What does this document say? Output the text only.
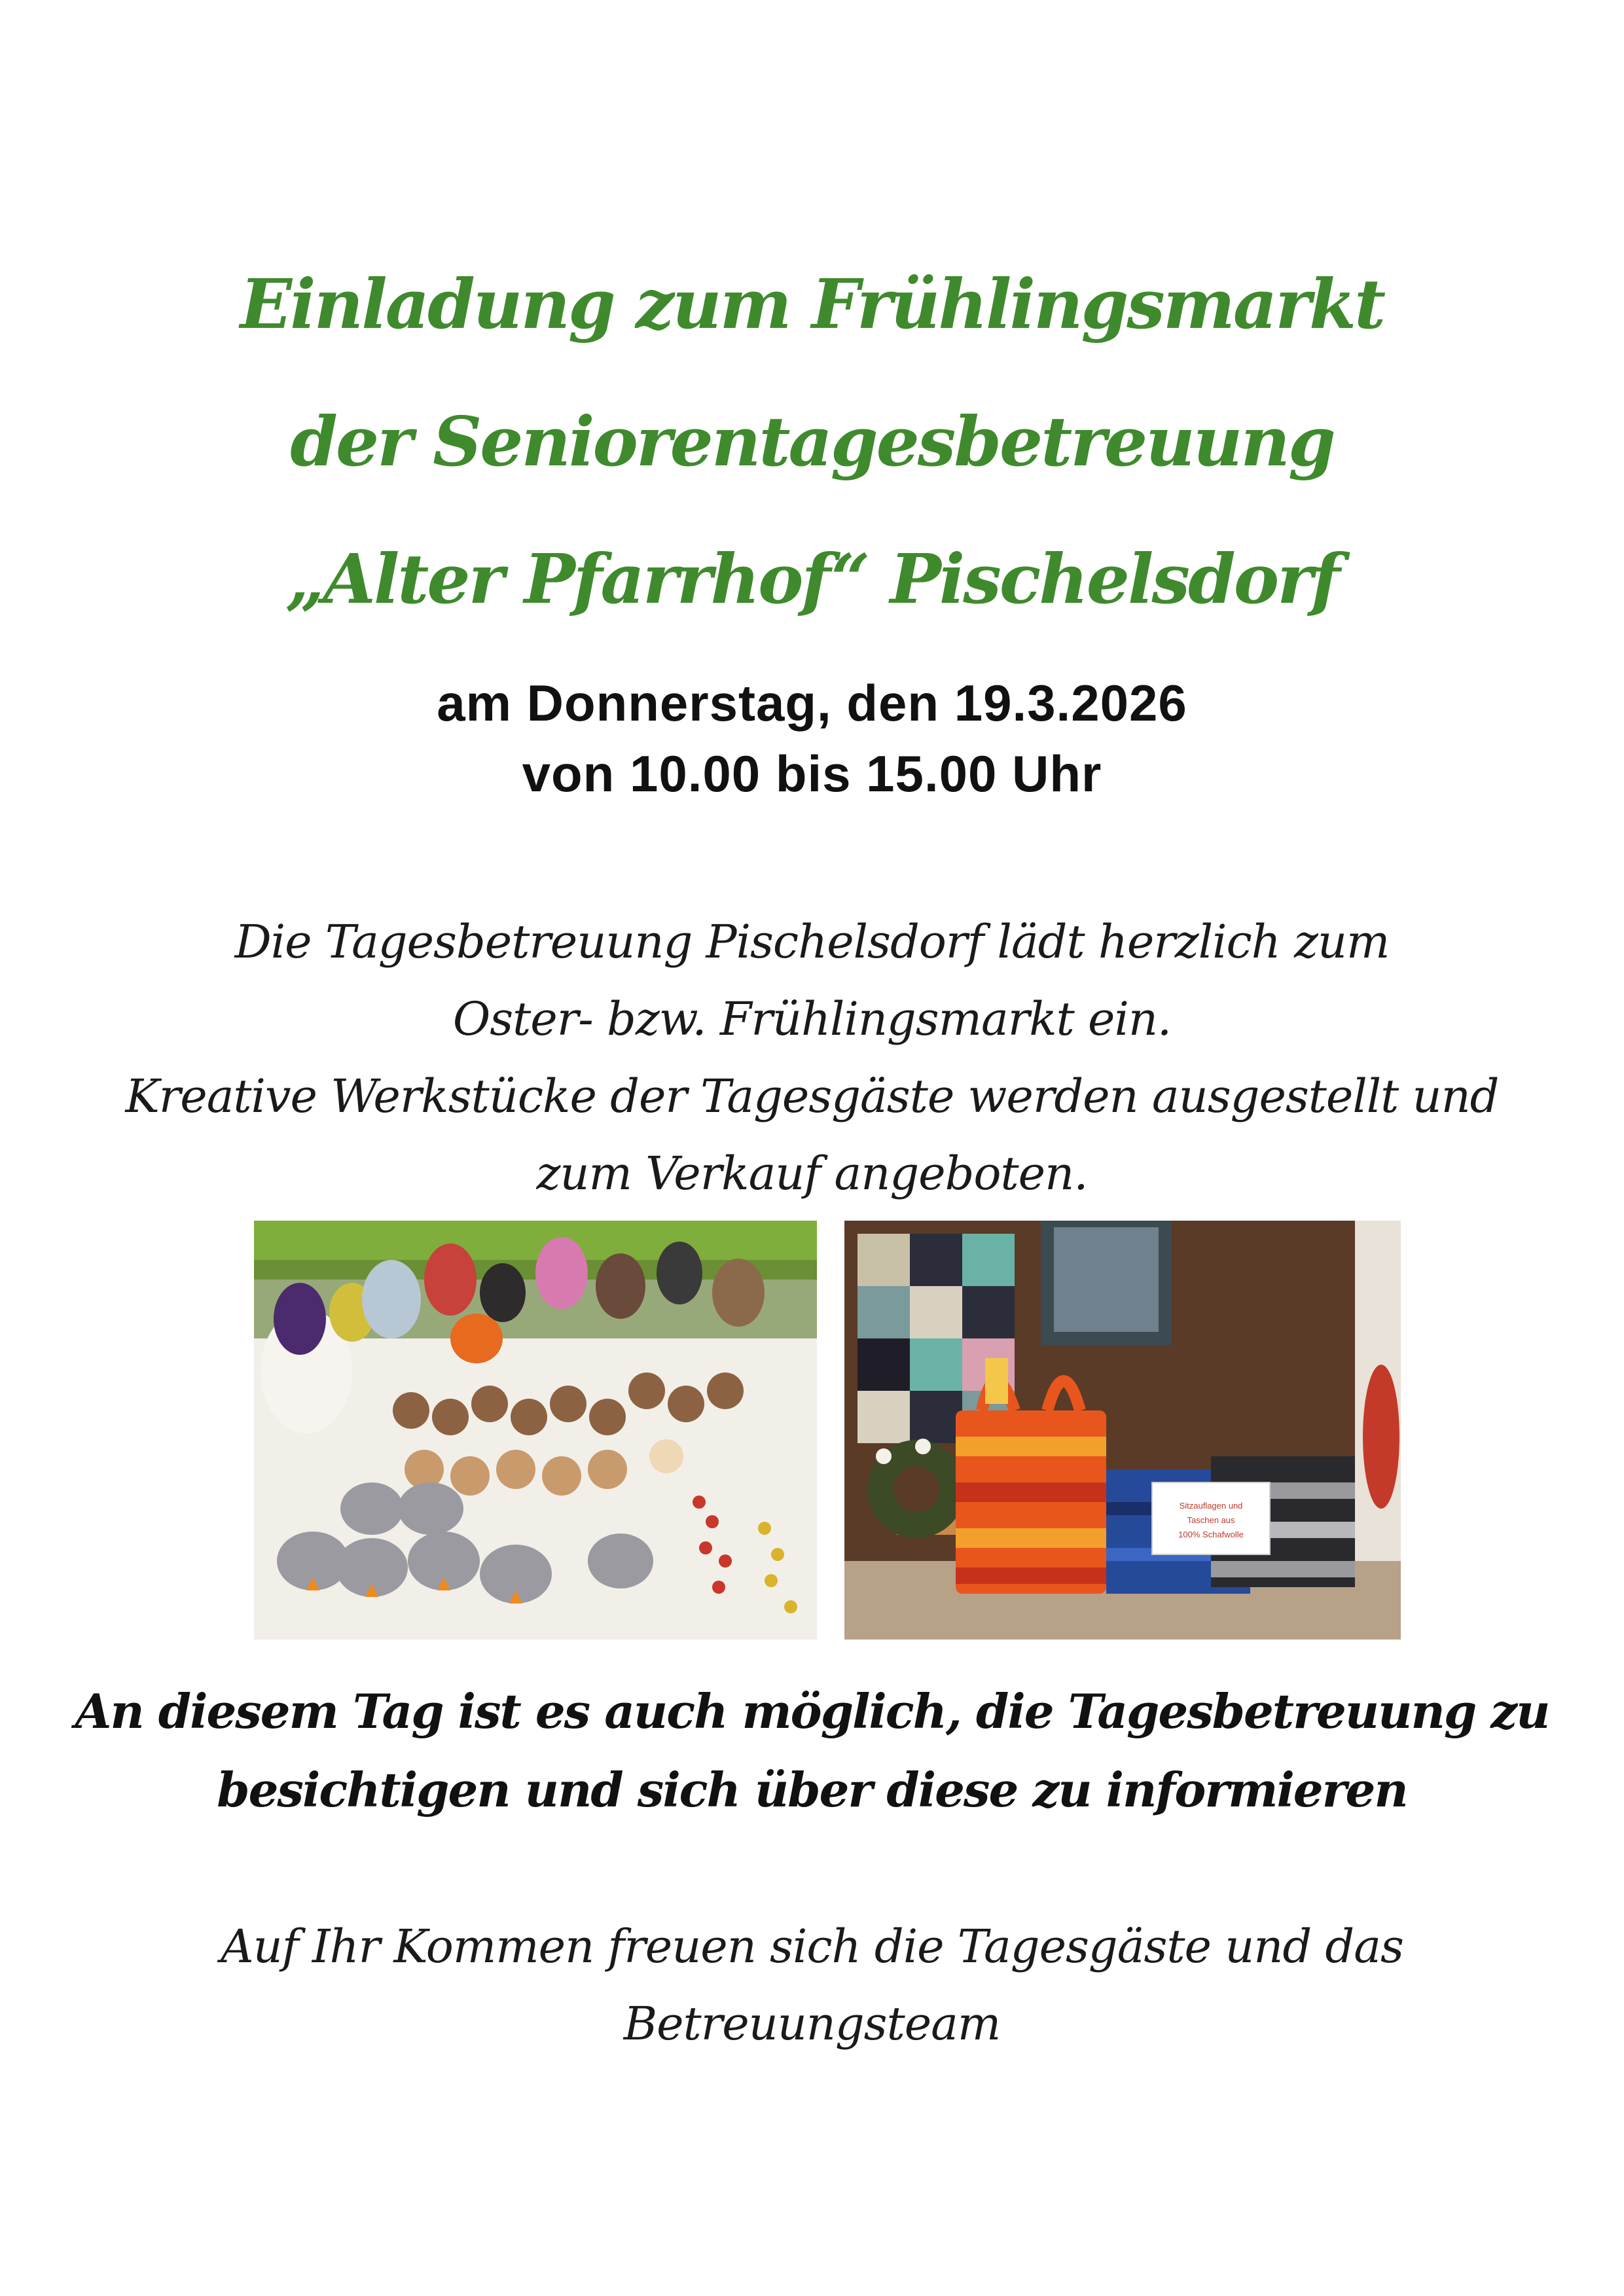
Einladung zum Frühlingsmarkt
der Seniorentagesbetreuung
„Alter Pfarrhof“ Pischelsdorf
am Donnerstag, den 19.3.2026
von 10.00 bis 15.00 Uhr
Die Tagesbetreuung Pischelsdorf lädt herzlich zum
Oster- bzw. Frühlingsmarkt ein.
Kreative Werkstücke der Tagesgäste werden ausgestellt und
zum Verkauf angeboten.
Sitzauflagen und
Taschen aus
100% Schafwolle
An diesem Tag ist es auch möglich, die Tagesbetreuung zu
besichtigen und sich über diese zu informieren
Auf Ihr Kommen freuen sich die Tagesgäste und das
Betreuungsteam
